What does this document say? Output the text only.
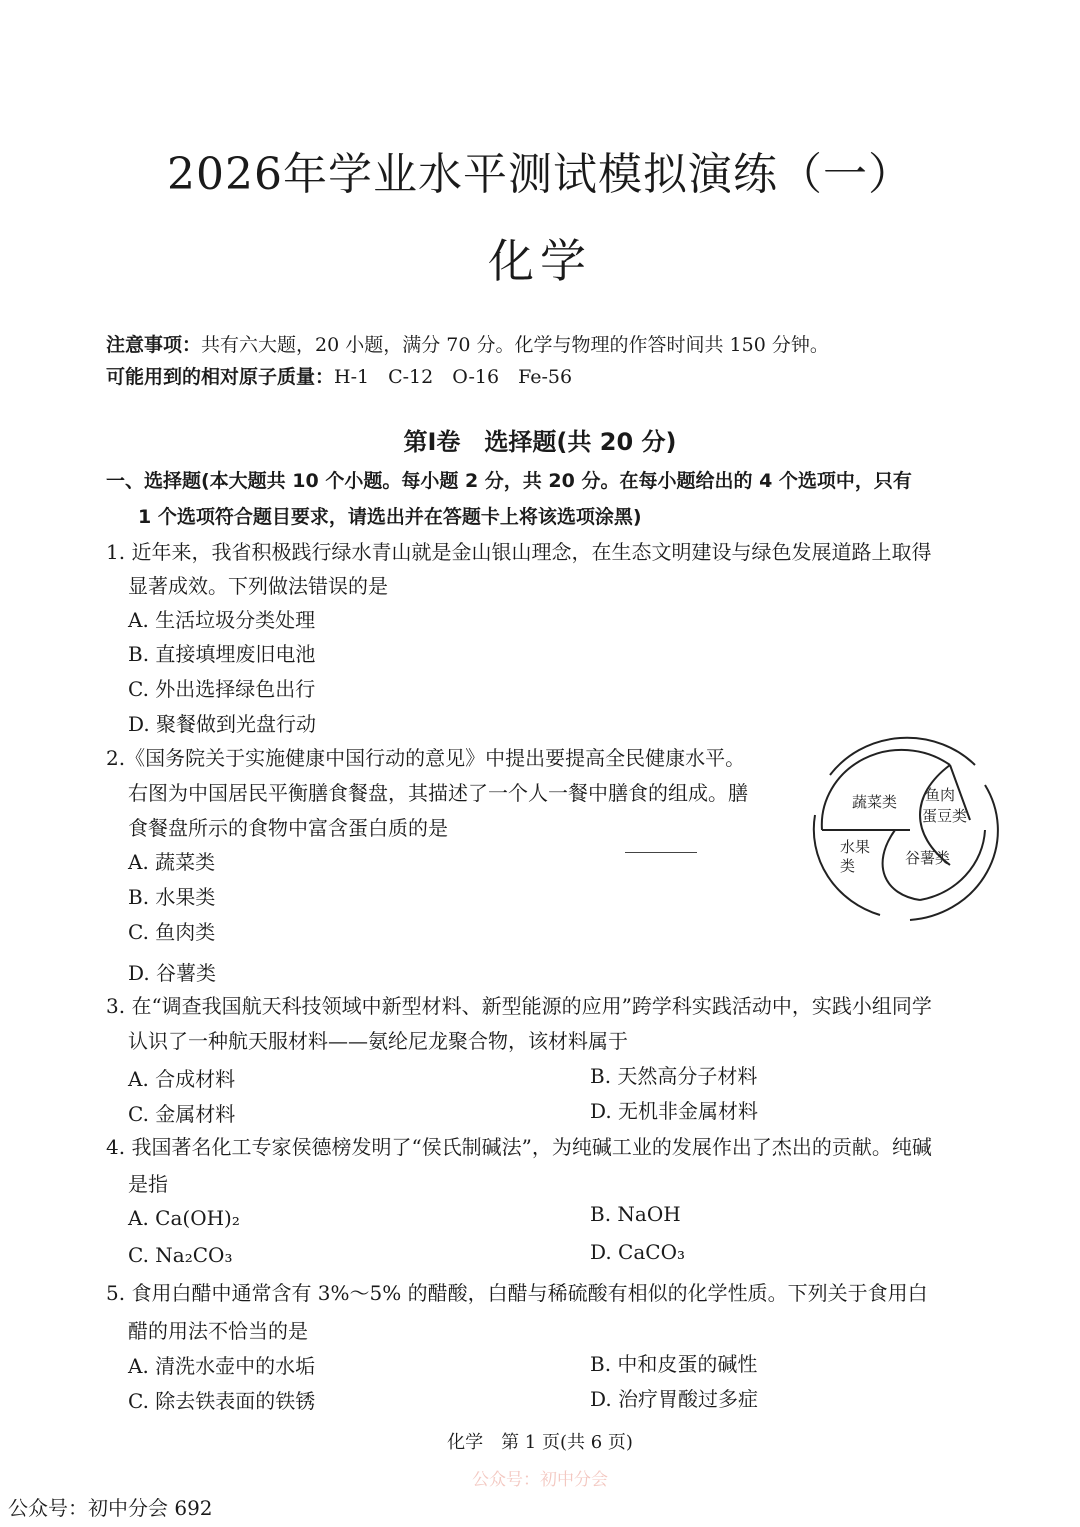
2026年学业水平测试模拟演练（一）
化学
注意事项：共有六大题，20 小题，满分 70 分。化学与物理的作答时间共 150 分钟。
可能用到的相对原子质量：H-1　C-12　O-16　Fe-56
第Ⅰ卷　选择题(共 20 分)
一、选择题(本大题共 10 个小题。每小题 2 分，共 20 分。在每小题给出的 4 个选项中，只有
1 个选项符合题目要求，请选出并在答题卡上将该选项涂黑)
1. 近年来，我省积极践行绿水青山就是金山银山理念，在生态文明建设与绿色发展道路上取得
显著成效。下列做法错误的是
A. 生活垃圾分类处理
B. 直接填埋废旧电池
C. 外出选择绿色出行
D. 聚餐做到光盘行动
2.《国务院关于实施健康中国行动的意见》中提出要提高全民健康水平。
右图为中国居民平衡膳食餐盘，其描述了一个人一餐中膳食的组成。膳
食餐盘所示的食物中富含蛋白质的是
A. 蔬菜类
B. 水果类
C. 鱼肉类
D. 谷薯类
蔬菜类 鱼肉
蛋豆类
水果
类	谷薯类
3. 在“调查我国航天科技领域中新型材料、新型能源的应用”跨学科实践活动中，实践小组同学
认识了一种航天服材料——氨纶尼龙聚合物，该材料属于
A. 合成材料	B. 天然高分子材料
C. 金属材料	D. 无机非金属材料
4. 我国著名化工专家侯德榜发明了“侯氏制碱法”，为纯碱工业的发展作出了杰出的贡献。纯碱
是指
A. Ca(OH)₂	B. NaOH
C. Na₂CO₃	D. CaCO₃
5. 食用白醋中通常含有 3%～5% 的醋酸，白醋与稀硫酸有相似的化学性质。下列关于食用白
醋的用法不恰当的是
A. 清洗水壶中的水垢	B. 中和皮蛋的碱性
C. 除去铁表面的铁锈	D. 治疗胃酸过多症
化学　第 1 页(共 6 页)
公众号：初中分会
公众号：初中分会 692
